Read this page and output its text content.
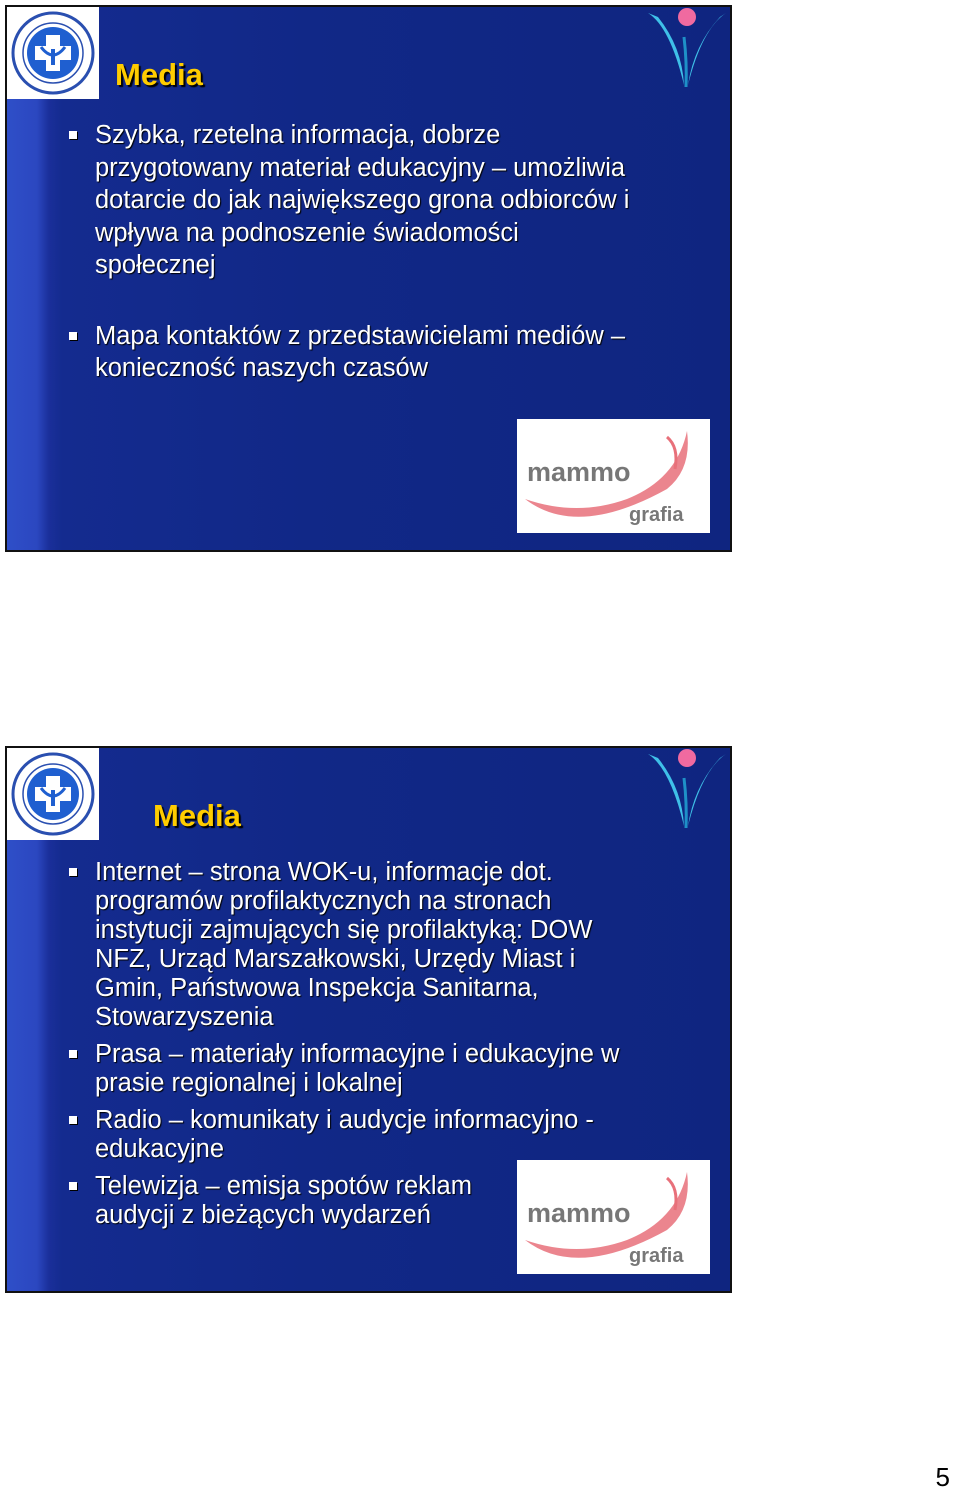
Media
Szybka, rzetelna informacja, dobrze
przygotowany materiał edukacyjny – umożliwia
dotarcie do jak największego grona odbiorców i
wpływa na podnoszenie świadomości
społecznej
Mapa kontaktów z przedstawicielami mediów –
konieczność naszych czasów
mammo
grafia
Media
Internet – strona WOK-u, informacje dot.
programów profilaktycznych na stronach
instytucji zajmujących się profilaktyką: DOW
NFZ, Urząd Marszałkowski, Urzędy Miast i
Gmin, Państwowa Inspekcja Sanitarna,
Stowarzyszenia
Prasa – materiały informacyjne i edukacyjne w
prasie regionalnej i lokalnej
Radio – komunikaty i audycje informacyjno -
edukacyjne
Telewizja – emisja spotów reklam
audycji z bieżących wydarzeń	mammo
grafia
5
